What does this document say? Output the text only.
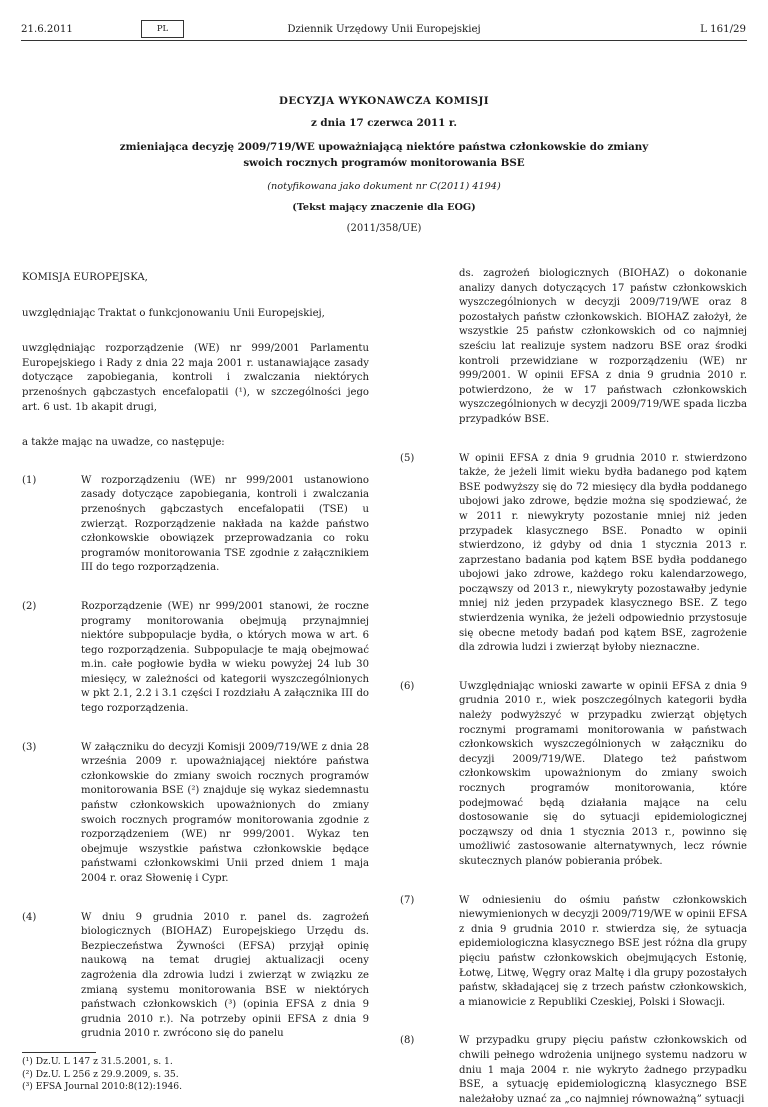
21.6.2011	PL	Dziennik Urzędowy Unii Europejskiej	L 161/29
DECYZJA WYKONAWCZA KOMISJI
z dnia 17 czerwca 2011 r.
zmieniająca decyzję 2009/719/WE upoważniającą niektóre państwa członkowskie do zmiany swoich rocznych programów monitorowania BSE
(notyfikowana jako dokument nr C(2011) 4194)
(Tekst mający znaczenie dla EOG)
(2011/358/UE)

KOMISJA EUROPEJSKA,

uwzględniając Traktat o funkcjonowaniu Unii Europejskiej,

uwzględniając rozporządzenie (WE) nr 999/2001 Parlamentu Europejskiego i Rady z dnia 22 maja 2001 r. ustanawiające zasady dotyczące zapobiegania, kontroli i zwalczania niektórych przenośnych gąbczastych encefalopatii (¹), w szczególności jego art. 6 ust. 1b akapit drugi,

a także mając na uwadze, co następuje:

(1)	W rozporządzeniu (WE) nr 999/2001 ustanowiono zasady dotyczące zapobiegania, kontroli i zwalczania przenośnych gąbczastych encefalopatii (TSE) u zwierząt. Rozporządzenie nakłada na każde państwo członkowskie obowiązek przeprowadzania co roku programów monitorowania TSE zgodnie z załącznikiem III do tego rozporządzenia.
(2)	Rozporządzenie (WE) nr 999/2001 stanowi, że roczne programy monitorowania obejmują przynajmniej niektóre subpopulacje bydła, o których mowa w art. 6 tego rozporządzenia. Subpopulacje te mają obejmować m.in. całe pogłowie bydła w wieku powyżej 24 lub 30 miesięcy, w zależności od kategorii wyszczególnionych w pkt 2.1, 2.2 i 3.1 części I rozdziału A załącznika III do tego rozporządzenia.
(3)	W załączniku do decyzji Komisji 2009/719/WE z dnia 28 września 2009 r. upoważniającej niektóre państwa członkowskie do zmiany swoich rocznych programów monitorowania BSE (²) znajduje się wykaz siedemnastu państw członkowskich upoważnionych do zmiany swoich rocznych programów monitorowania zgodnie z rozporządzeniem (WE) nr 999/2001. Wykaz ten obejmuje wszystkie państwa członkowskie będące państwami członkowskimi Unii przed dniem 1 maja 2004 r. oraz Słowenię i Cypr.
(4)	W dniu 9 grudnia 2010 r. panel ds. zagrożeń biologicznych (BIOHAZ) Europejskiego Urzędu ds. Bezpieczeństwa Żywności (EFSA) przyjął opinię naukową na temat drugiej aktualizacji oceny zagrożenia dla zdrowia ludzi i zwierząt w związku ze zmianą systemu monitorowania BSE w niektórych państwach członkowskich (³) (opinia EFSA z dnia 9 grudnia 2010 r.). Na potrzeby opinii EFSA z dnia 9 grudnia 2010 r. zwrócono się do panelu
(¹) Dz.U. L 147 z 31.5.2001, s. 1.
(²) Dz.U. L 256 z 29.9.2009, s. 35.
(³) EFSA Journal 2010:8(12):1946.
ds. zagrożeń biologicznych (BIOHAZ) o dokonanie analizy danych dotyczących 17 państw członkowskich wyszczególnionych w decyzji 2009/719/WE oraz 8 pozostałych państw członkowskich. BIOHAZ założył, że wszystkie 25 państw członkowskich od co najmniej sześciu lat realizuje system nadzoru BSE oraz środki kontroli przewidziane w rozporządzeniu (WE) nr 999/2001. W opinii EFSA z dnia 9 grudnia 2010 r. potwierdzono, że w 17 państwach członkowskich wyszczególnionych w decyzji 2009/719/WE spada liczba przypadków BSE.
(5)	W opinii EFSA z dnia 9 grudnia 2010 r. stwierdzono także, że jeżeli limit wieku bydła badanego pod kątem BSE podwyższy się do 72 miesięcy dla bydła poddanego ubojowi jako zdrowe, będzie można się spodziewać, że w 2011 r. niewykryty pozostanie mniej niż jeden przypadek klasycznego BSE. Ponadto w opinii stwierdzono, iż gdyby od dnia 1 stycznia 2013 r. zaprzestano badania pod kątem BSE bydła poddanego ubojowi jako zdrowe, każdego roku kalendarzowego, począwszy od 2013 r., niewykryty pozostawałby jedynie mniej niż jeden przypadek klasycznego BSE. Z tego stwierdzenia wynika, że jeżeli odpowiednio przystosuje się obecne metody badań pod kątem BSE, zagrożenie dla zdrowia ludzi i zwierząt byłoby nieznaczne.
(6)	Uwzględniając wnioski zawarte w opinii EFSA z dnia 9 grudnia 2010 r., wiek poszczególnych kategorii bydła należy podwyższyć w przypadku zwierząt objętych rocznymi programami monitorowania w państwach członkowskich wyszczególnionych w załączniku do decyzji 2009/719/WE. Dlatego też państwom członkowskim upoważnionym do zmiany swoich rocznych programów monitorowania, które podejmować będą działania mające na celu dostosowanie się do sytuacji epidemiologicznej począwszy od dnia 1 stycznia 2013 r., powinno się umożliwić zastosowanie alternatywnych, lecz równie skutecznych planów pobierania próbek.
(7)	W odniesieniu do ośmiu państw członkowskich niewymienionych w decyzji 2009/719/WE w opinii EFSA z dnia 9 grudnia 2010 r. stwierdza się, że sytuacja epidemiologiczna klasycznego BSE jest różna dla grupy pięciu państw członkowskich obejmujących Estonię, Łotwę, Litwę, Węgry oraz Maltę i dla grupy pozostałych państw, składającej się z trzech państw członkowskich, a mianowicie z Republiki Czeskiej, Polski i Słowacji.
(8)	W przypadku grupy pięciu państw członkowskich od chwili pełnego wdrożenia unijnego systemu nadzoru w dniu 1 maja 2004 r. nie wykryto żadnego przypadku BSE, a sytuację epidemiologiczną klasycznego BSE należałoby uznać za „co najmniej równoważną” sytuacji
